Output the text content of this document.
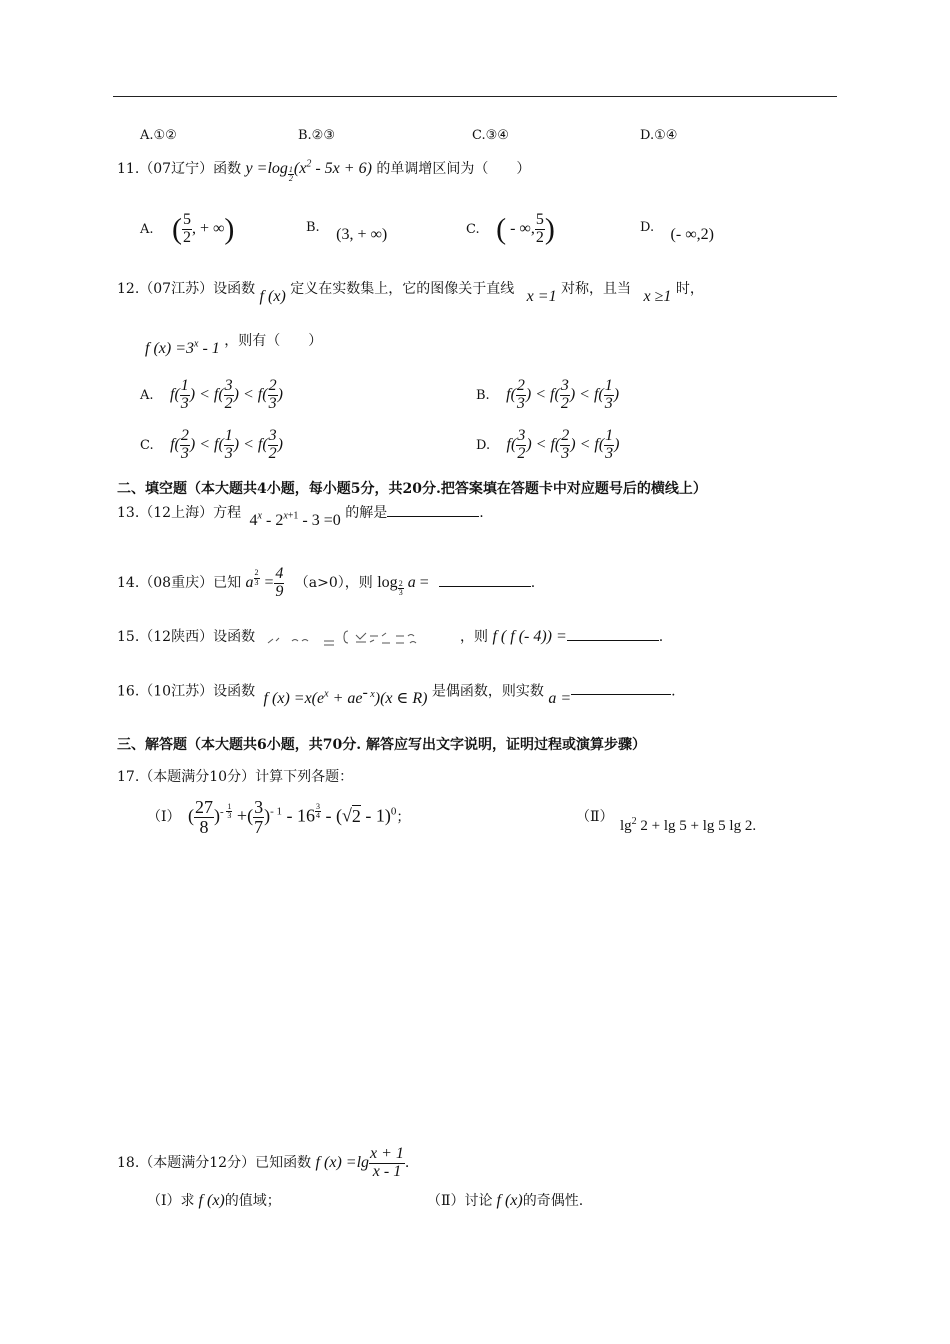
A.①②	B.②③	C.③④	D.①④
11.（07辽宁）函数 y =log $_{\frac{1}{2}}$ $(x^2 - 5x + 6)$ 的单调增区间为（　　）
A. ( $\frac{5}{2}$ , + ∞)	B. (3, + ∞)	C. ( - ∞, $\frac{5}{2}$ )	D. (- ∞,2)
12.（07江苏）设函数 f (x) 定义在实数集上，它的图像关于直线 x =1 对称，且当 x ≥1 时，
f $(x) =3^x - 1$ ，则有（　　）
A. $f( \frac{1}{3}$ ) < $f( \frac{3}{2}$ ) < $f( \frac{2}{3}$ )	B. $f( \frac{2}{3}$ ) < $f( \frac{3}{2}$ ) < $f( \frac{1}{3}$ )
C. $f( \frac{2}{3}$ ) < $f( \frac{1}{3}$ ) < $f( \frac{3}{2}$ )	D. $f( \frac{3}{2}$ ) < $f( \frac{2}{3}$ ) < $f( \frac{1}{3}$ )
二、填空题（本大题共4小题，每小题5分，共20分.把答案填在答题卡中对应题号后的横线上）
13.（12上海）方程 $4^x - 2^{x+1} - 3 =0$ 的解是	.
14.（08重庆）已知 a $^{\frac{2}{3}} = \frac{4}{9} (a>0)$，则 log $_{\frac{2}{3}}$ a =	.
15.（12陕西）设函数	，则 f ( f (- 4)) =	.
16.（10江苏）设函数 f $(x) =x(e^x + ae^{- x})(x$ ∈ R) 是偶函数，则实数 a =	.
三、解答题（本大题共6小题，共70分. 解答应写出文字说明，证明过程或演算步骤）
17.（本题满分10分）计算下列各题：
（Ⅰ） ( $\frac{27}{8} )^{- \frac{1}{3}}$ +( $\frac{3}{7} )^{- 1} - 16$ $^{\frac{3}{4}}$ - (√2 - 1)$^0$；	（Ⅱ）
$\lg^2 2 + \lg 5 + \lg 5$ lg 2.
18.（本题满分12分）已知函数 f $(x) =\lg \frac{x + 1}{x - 1}$ .
（Ⅰ）求 f (x)的值域；	（Ⅱ）讨论 f (x)的奇偶性.
